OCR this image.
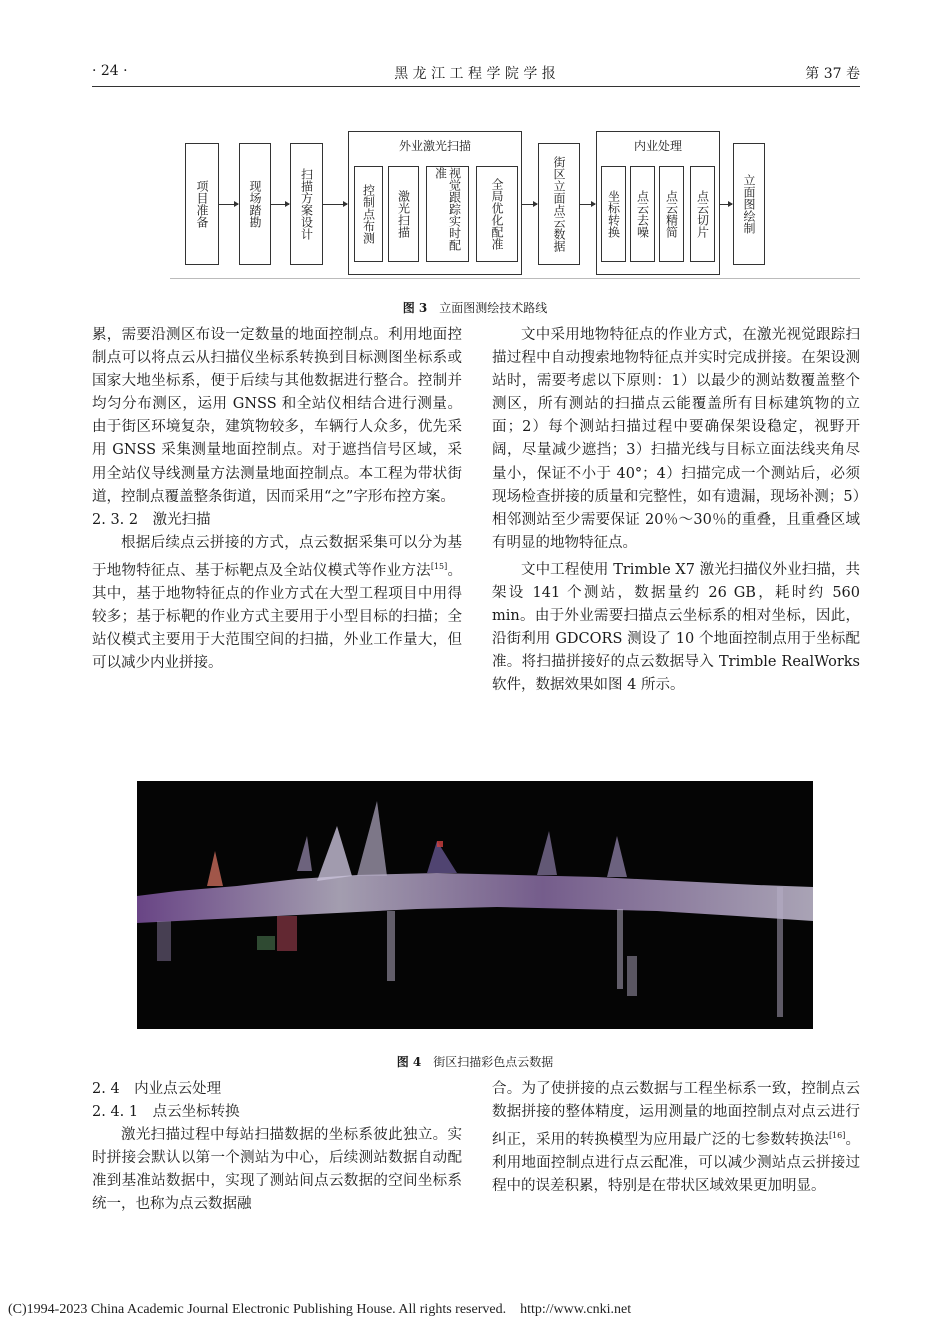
· 24 ·	黑 龙 江 工 程 学 院 学 报	第 37 卷
项目准备	现场踏勘	扫描方案设计
外业激光扫描
控制点布测	激光扫描	视觉跟踪实时配准
全局优化配准	街区立面点云数据
内业处理
坐标转换	点云去噪	点云精简	点云切片	立面图绘制
图 3　 立面图测绘技术路线

累，需要沿测区布设一定数量的地面控制点。利用地面控制点可以将点云从扫描仪坐标系转换到目标测图坐标系或国家大地坐标系，便于后续与其他数据进行整合。控制并均匀分布测区，运用 GNSS 和全站仪相结合进行测量。由于街区环境复杂，建筑物较多，车辆行人众多，优先采用 GNSS 采集测量地面控制点。对于遮挡信号区域，采用全站仪导线测量方法测量地面控制点。本工程为带状街道，控制点覆盖整条街道，因而采用“之”字形布控方案。

2. 3. 2　激光扫描

根据后续点云拼接的方式，点云数据采集可以分为基于地物特征点、基于标靶点及全站仪模式等作业方法[15]。其中，基于地物特征点的作业方式在大型工程项目中用得较多；基于标靶的作业方式主要用于小型目标的扫描；全站仪模式主要用于大范围空间的扫描，外业工作量大，但可以减少内业拼接。

文中采用地物特征点的作业方式，在激光视觉跟踪扫描过程中自动搜索地物特征点并实时完成拼接。在架设测站时，需要考虑以下原则：1）以最少的测站数覆盖整个测区，所有测站的扫描点云能覆盖所有目标建筑物的立面；2）每个测站扫描过程中要确保架设稳定，视野开阔，尽量减少遮挡；3）扫描光线与目标立面法线夹角尽量小，保证不小于 40°；4）扫描完成一个测站后，必须现场检查拼接的质量和完整性，如有遗漏，现场补测；5）相邻测站至少需要保证 20％～30％的重叠，且重叠区域有明显的地物特征点。

文中工程使用 Trimble X7 激光扫描仪外业扫描，共架设 141 个测站，数据量约 26 GB，耗时约 560 min。由于外业需要扫描点云坐标系的相对坐标，因此，沿街利用 GDCORS 测设了 10 个地面控制点用于坐标配准。将扫描拼接好的点云数据导入 Trimble RealWorks 软件，数据效果如图 4 所示。

图 4　 街区扫描彩色点云数据

2. 4　内业点云处理

2. 4. 1　点云坐标转换

激光扫描过程中每站扫描数据的坐标系彼此独立。实时拼接会默认以第一个测站为中心，后续测站数据自动配准到基准站数据中，实现了测站间点云数据的空间坐标系统一，也称为点云数据融

合。为了使拼接的点云数据与工程坐标系一致，控制点云数据拼接的整体精度，运用测量的地面控制点对点云进行纠正，采用的转换模型为应用最广泛的七参数转换法[16]。利用地面控制点进行点云配准，可以减少测站点云拼接过程中的误差积累，特别是在带状区域效果更加明显。

(C)1994-2023 China Academic Journal Electronic Publishing House. All rights reserved.　http://www.cnki.net
